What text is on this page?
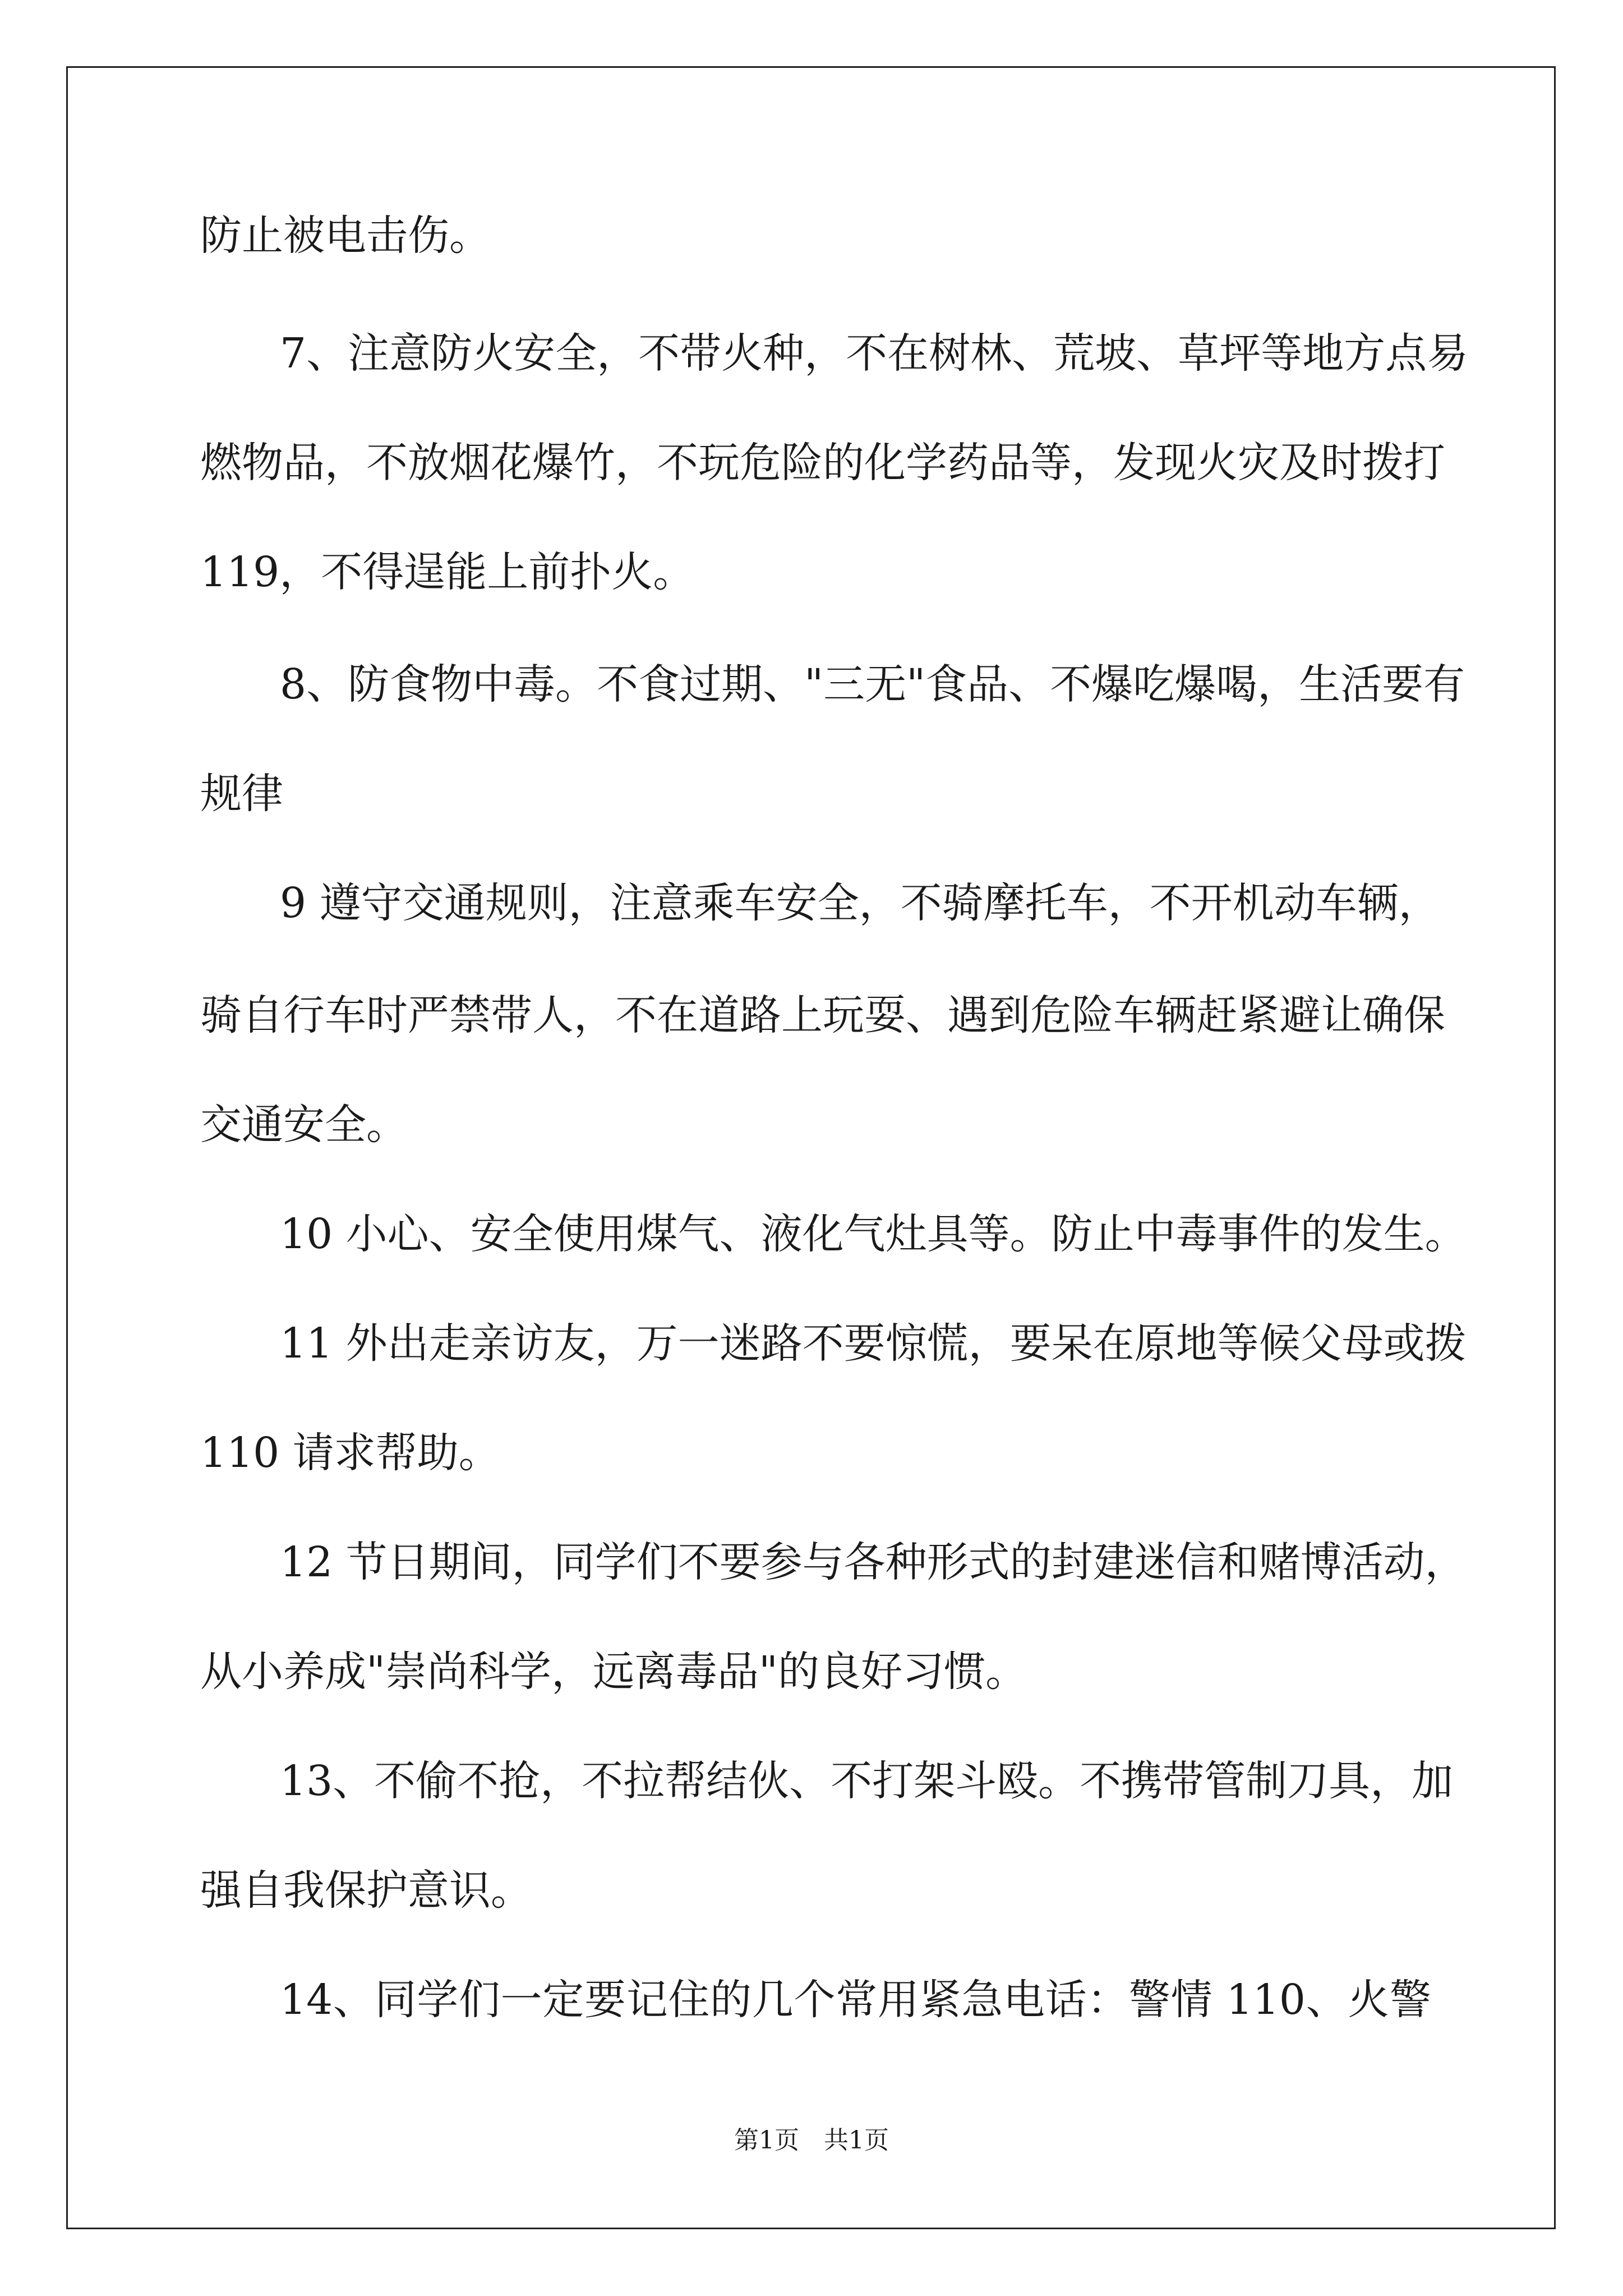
防止被电击伤。
7、注意防火安全，不带火种，不在树林、荒坡、草坪等地方点易
燃物品，不放烟花爆竹，不玩危险的化学药品等，发现火灾及时拨打
119，不得逞能上前扑火。
8、防食物中毒。不食过期、"三无"食品、不爆吃爆喝，生活要有
规律
9 遵守交通规则，注意乘车安全，不骑摩托车，不开机动车辆，
骑自行车时严禁带人，不在道路上玩耍、遇到危险车辆赶紧避让确保
交通安全。
10 小心、安全使用煤气、液化气灶具等。防止中毒事件的发生。
11 外出走亲访友，万一迷路不要惊慌，要呆在原地等候父母或拨
110 请求帮助。
12 节日期间，同学们不要参与各种形式的封建迷信和赌博活动，
从小养成"崇尚科学，远离毒品"的良好习惯。
13、不偷不抢，不拉帮结伙、不打架斗殴。不携带管制刀具，加
强自我保护意识。
14、同学们一定要记住的几个常用紧急电话：警情 110、火警
第1页　共1页
